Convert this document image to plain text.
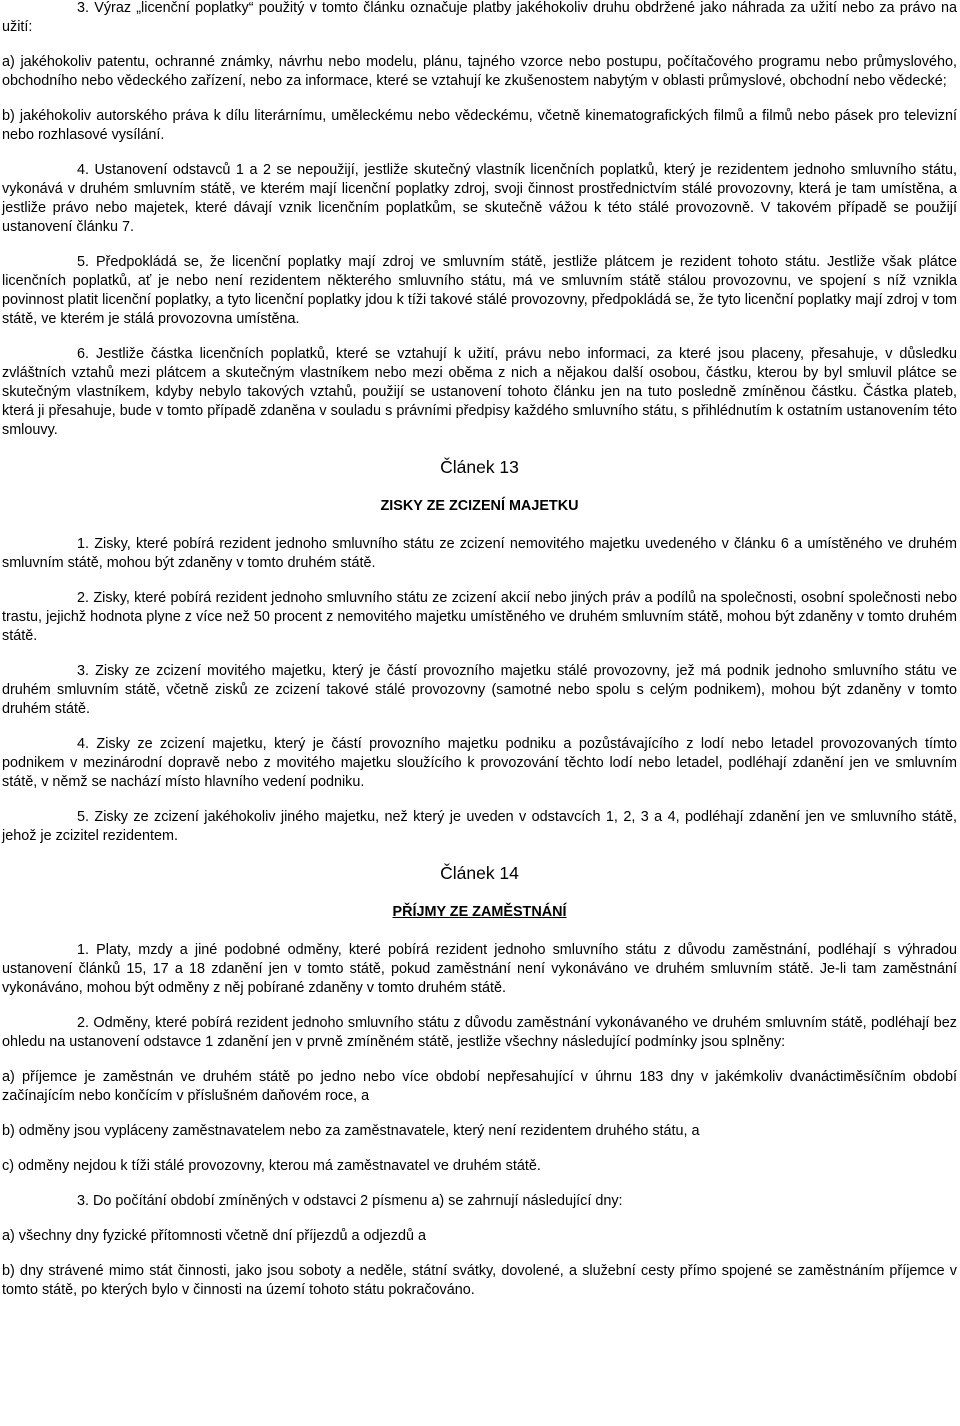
3. Výraz „licenční poplatky“ použitý v tomto článku označuje platby jakéhokoliv druhu obdržené jako náhrada za užití nebo za právo na užití:
a) jakéhokoliv patentu, ochranné známky, návrhu nebo modelu, plánu, tajného vzorce nebo postupu, počítačového programu nebo průmyslového, obchodního nebo vědeckého zařízení, nebo za informace, které se vztahují ke zkušenostem nabytým v oblasti průmyslové, obchodní nebo vědecké;
b) jakéhokoliv autorského práva k dílu literárnímu, uměleckému nebo vědeckému, včetně kinematografických filmů a filmů nebo pásek pro televizní nebo rozhlasové vysílání.
4. Ustanovení odstavců 1 a 2 se nepoužijí, jestliže skutečný vlastník licenčních poplatků, který je rezidentem jednoho smluvního státu, vykonává v druhém smluvním státě, ve kterém mají licenční poplatky zdroj, svoji činnost prostřednictvím stálé provozovny, která je tam umístěna, a jestliže právo nebo majetek, které dávají vznik licenčním poplatkům, se skutečně vážou k této stálé provozovně. V takovém případě se použijí ustanovení článku 7.
5. Předpokládá se, že licenční poplatky mají zdroj ve smluvním státě, jestliže plátcem je rezident tohoto státu. Jestliže však plátce licenčních poplatků, ať je nebo není rezidentem některého smluvního státu, má ve smluvním státě stálou provozovnu, ve spojení s níž vznikla povinnost platit licenční poplatky, a tyto licenční poplatky jdou k tíži takové stálé provozovny, předpokládá se, že tyto licenční poplatky mají zdroj v tom státě, ve kterém je stálá provozovna umístěna.
6. Jestliže částka licenčních poplatků, které se vztahují k užití, právu nebo informaci, za které jsou placeny, přesahuje, v důsledku zvláštních vztahů mezi plátcem a skutečným vlastníkem nebo mezi oběma z nich a nějakou další osobou, částku, kterou by byl smluvil plátce se skutečným vlastníkem, kdyby nebylo takových vztahů, použijí se ustanovení tohoto článku jen na tuto posledně zmíněnou částku. Částka plateb, která ji přesahuje, bude v tomto případě zdaněna v souladu s právními předpisy každého smluvního státu, s přihlédnutím k ostatním ustanovením této smlouvy.
Článek 13
ZISKY ZE ZCIZENÍ MAJETKU
1. Zisky, které pobírá rezident jednoho smluvního státu ze zcizení nemovitého majetku uvedeného v článku 6 a umístěného ve druhém smluvním státě, mohou být zdaněny v tomto druhém státě.
2. Zisky, které pobírá rezident jednoho smluvního státu ze zcizení akcií nebo jiných práv a podílů na společnosti, osobní společnosti nebo trastu, jejichž hodnota plyne z více než 50 procent z nemovitého majetku umístěného ve druhém smluvním státě, mohou být zdaněny v tomto druhém státě.
3. Zisky ze zcizení movitého majetku, který je částí provozního majetku stálé provozovny, jež má podnik jednoho smluvního státu ve druhém smluvním státě, včetně zisků ze zcizení takové stálé provozovny (samotné nebo spolu s celým podnikem), mohou být zdaněny v tomto druhém státě.
4. Zisky ze zcizení majetku, který je částí provozního majetku podniku a pozůstávajícího z lodí nebo letadel provozovaných tímto podnikem v mezinárodní dopravě nebo z movitého majetku sloužícího k provozování těchto lodí nebo letadel, podléhají zdanění jen ve smluvním státě, v němž se nachází místo hlavního vedení podniku.
5. Zisky ze zcizení jakéhokoliv jiného majetku, než který je uveden v odstavcích 1, 2, 3 a 4, podléhají zdanění jen ve smluvního státě, jehož je zcizitel rezidentem.
Článek 14
PŘÍJMY ZE ZAMĚSTNÁNÍ
1. Platy, mzdy a jiné podobné odměny, které pobírá rezident jednoho smluvního státu z důvodu zaměstnání, podléhají s výhradou ustanovení článků 15, 17 a 18 zdanění jen v tomto státě, pokud zaměstnání není vykonáváno ve druhém smluvním státě. Je-li tam zaměstnání vykonáváno, mohou být odměny z něj pobírané zdaněny v tomto druhém státě.
2. Odměny, které pobírá rezident jednoho smluvního státu z důvodu zaměstnání vykonávaného ve druhém smluvním státě, podléhají bez ohledu na ustanovení odstavce 1 zdanění jen v prvně zmíněném státě, jestliže všechny následující podmínky jsou splněny:
a) příjemce je zaměstnán ve druhém státě po jedno nebo více období nepřesahující v úhrnu 183 dny v jakémkoliv dvanáctiměsíčním období začínajícím nebo končícím v příslušném daňovém roce, a
b) odměny jsou vypláceny zaměstnavatelem nebo za zaměstnavatele, který není rezidentem druhého státu, a
c) odměny nejdou k tíži stálé provozovny, kterou má zaměstnavatel ve druhém státě.
3. Do počítání období zmíněných v odstavci 2 písmenu a) se zahrnují následující dny:
a) všechny dny fyzické přítomnosti včetně dní příjezdů a odjezdů a
b) dny strávené mimo stát činnosti, jako jsou soboty a neděle, státní svátky, dovolené, a služební cesty přímo spojené se zaměstnáním příjemce v tomto státě, po kterých bylo v činnosti na území tohoto státu pokračováno.
